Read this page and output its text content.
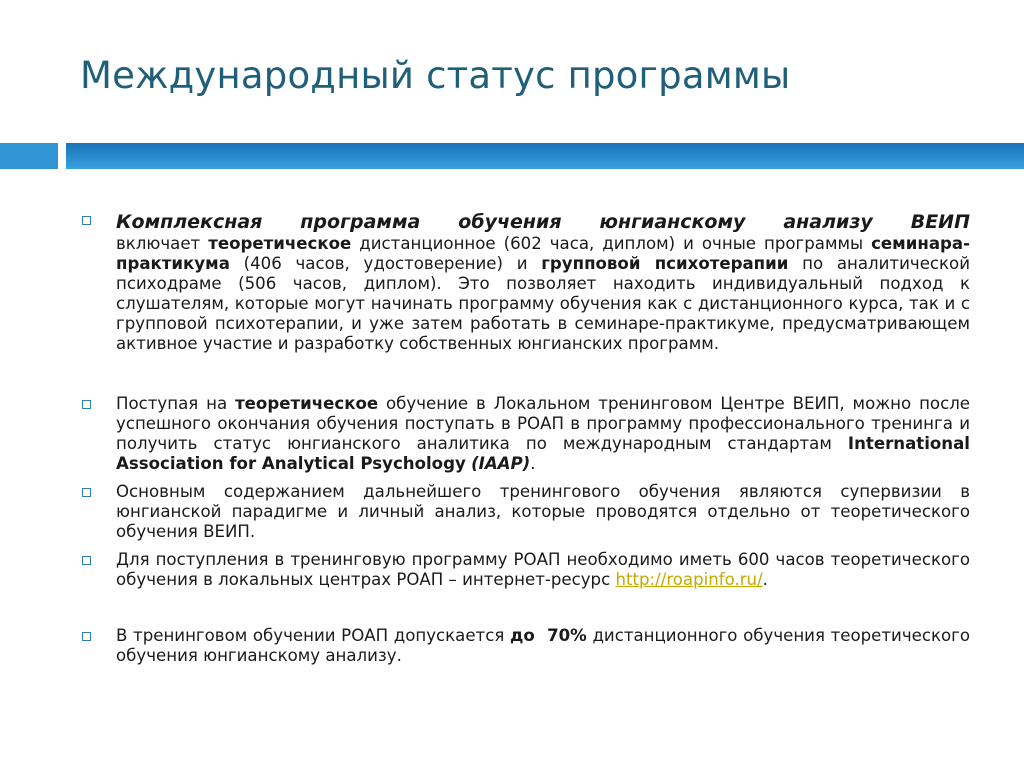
Международный статус программы
Комплексная программа обучения юнгианскому анализу ВЕИП
включает теоретическое дистанционное (602 часа, диплом) и очные программы семинара-практикума (406 часов, удостоверение) и групповой психотерапии по аналитической психодраме (506 часов, диплом). Это позволяет находить индивидуальный подход к слушателям, которые могут начинать программу обучения как с дистанционного курса, так и с групповой психотерапии, и уже затем работать в семинаре-практикуме, предусматривающем активное участие и разработку собственных юнгианских программ.
Поступая на теоретическое обучение в Локальном тренинговом Центре ВЕИП, можно после успешного окончания обучения поступать в РОАП в программу профессионального тренинга и получить статус юнгианского аналитика по международным стандартам International Association for Analytical Psychology (IAAP).
Основным содержанием дальнейшего тренингового обучения являются супервизии в юнгианской парадигме и личный анализ, которые проводятся отдельно от теоретического обучения ВЕИП.
Для поступления в тренинговую программу РОАП необходимо иметь 600 часов теоретического обучения в локальных центрах РОАП – интернет-ресурс http://roapinfo.ru/.
В тренинговом обучении РОАП допускается до  70% дистанционного обучения теоретического обучения юнгианскому анализу.
